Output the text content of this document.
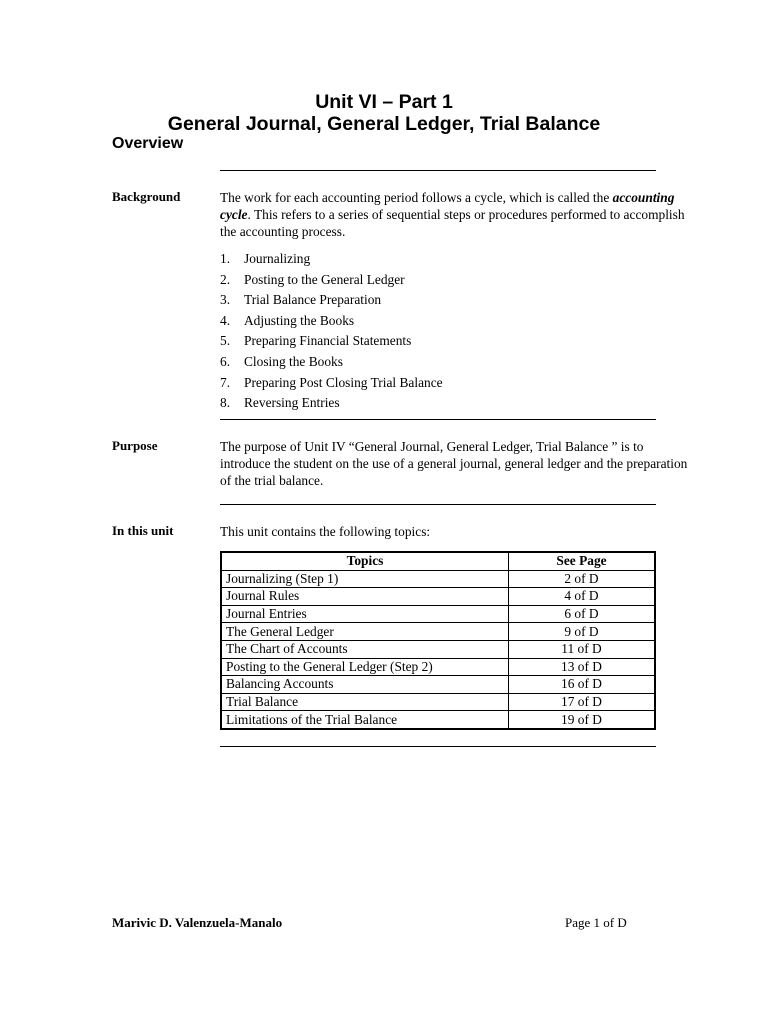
Unit VI – Part 1
General Journal, General Ledger, Trial Balance
Overview
Background	The work for each accounting period follows a cycle, which is called the accounting cycle. This refers to a series of sequential steps or procedures performed to accomplish the accounting process.

1. Journalizing
2. Posting to the General Ledger
3. Trial Balance Preparation
4. Adjusting the Books
5. Preparing Financial Statements
6. Closing the Books
7. Preparing Post Closing Trial Balance
8. Reversing Entries
Purpose	The purpose of Unit IV “General Journal, General Ledger, Trial Balance ” is to introduce the student on the use of a general journal, general ledger and the preparation of the trial balance.

In this unit	This unit contains the following topics:

Topics	See Page
Journalizing (Step 1)	2 of D
Journal Rules	4 of D
Journal Entries	6 of D
The General Ledger	9 of D
The Chart of Accounts	11 of D
Posting to the General Ledger (Step 2)	13 of D
Balancing Accounts	16 of D
Trial Balance	17 of D
Limitations of the Trial Balance	19 of D
Marivic D. Valenzuela-Manalo	Page 1 of D
